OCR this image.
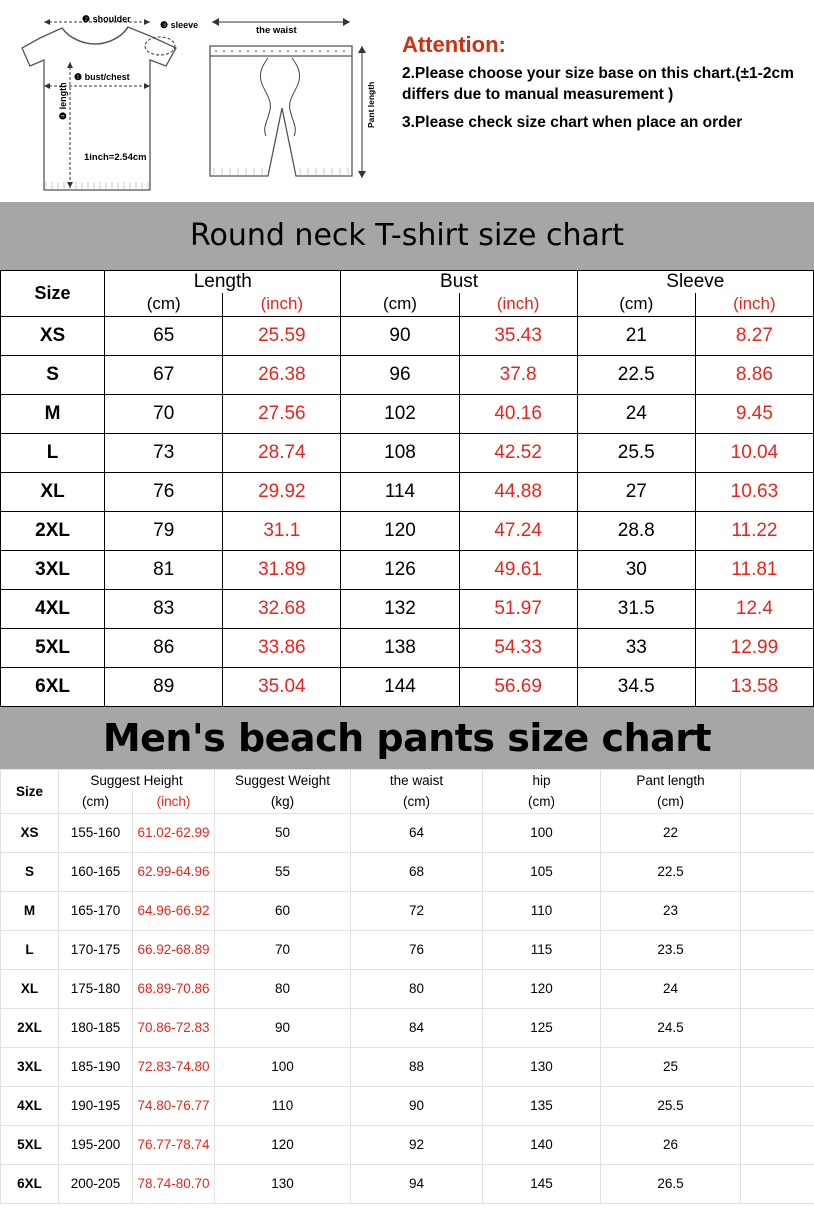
❷ shoulder
❸ sleeve
❶ bust/chest
❹ length
1inch=2.54cm
the waist
Pant length
Attention:
2.Please choose your size base on this chart.(±1-2cm differs due to manual measurement )
3.Please check size chart when place an order
Round neck T-shirt size chart
Size	Length		Bust		Sleeve	
	(cm)	(inch)	(cm)	(inch)	(cm)	(inch)
XS	65	25.59	90	35.43	21	8.27
S	67	26.38	96	37.8	22.5	8.86
M	70	27.56	102	40.16	24	9.45
L	73	28.74	108	42.52	25.5	10.04
XL	76	29.92	114	44.88	27	10.63
2XL	79	31.1	120	47.24	28.8	11.22
3XL	81	31.89	126	49.61	30	11.81
4XL	83	32.68	132	51.97	31.5	12.4
5XL	86	33.86	138	54.33	33	12.99
6XL	89	35.04	144	56.69	34.5	13.58
Men's beach pants size chart
Size	Suggest Height		Suggest Weight	the waist	hip	Pant length	
	(cm)	(inch)	(kg)	(cm)	(cm)	(cm)	
XS	155-160	61.02-62.99	50	64	100	22	
S	160-165	62.99-64.96	55	68	105	22.5	
M	165-170	64.96-66.92	60	72	110	23	
L	170-175	66.92-68.89	70	76	115	23.5	
XL	175-180	68.89-70.86	80	80	120	24	
2XL	180-185	70.86-72.83	90	84	125	24.5	
3XL	185-190	72.83-74.80	100	88	130	25	
4XL	190-195	74.80-76.77	110	90	135	25.5	
5XL	195-200	76.77-78.74	120	92	140	26	
6XL	200-205	78.74-80.70	130	94	145	26.5	
